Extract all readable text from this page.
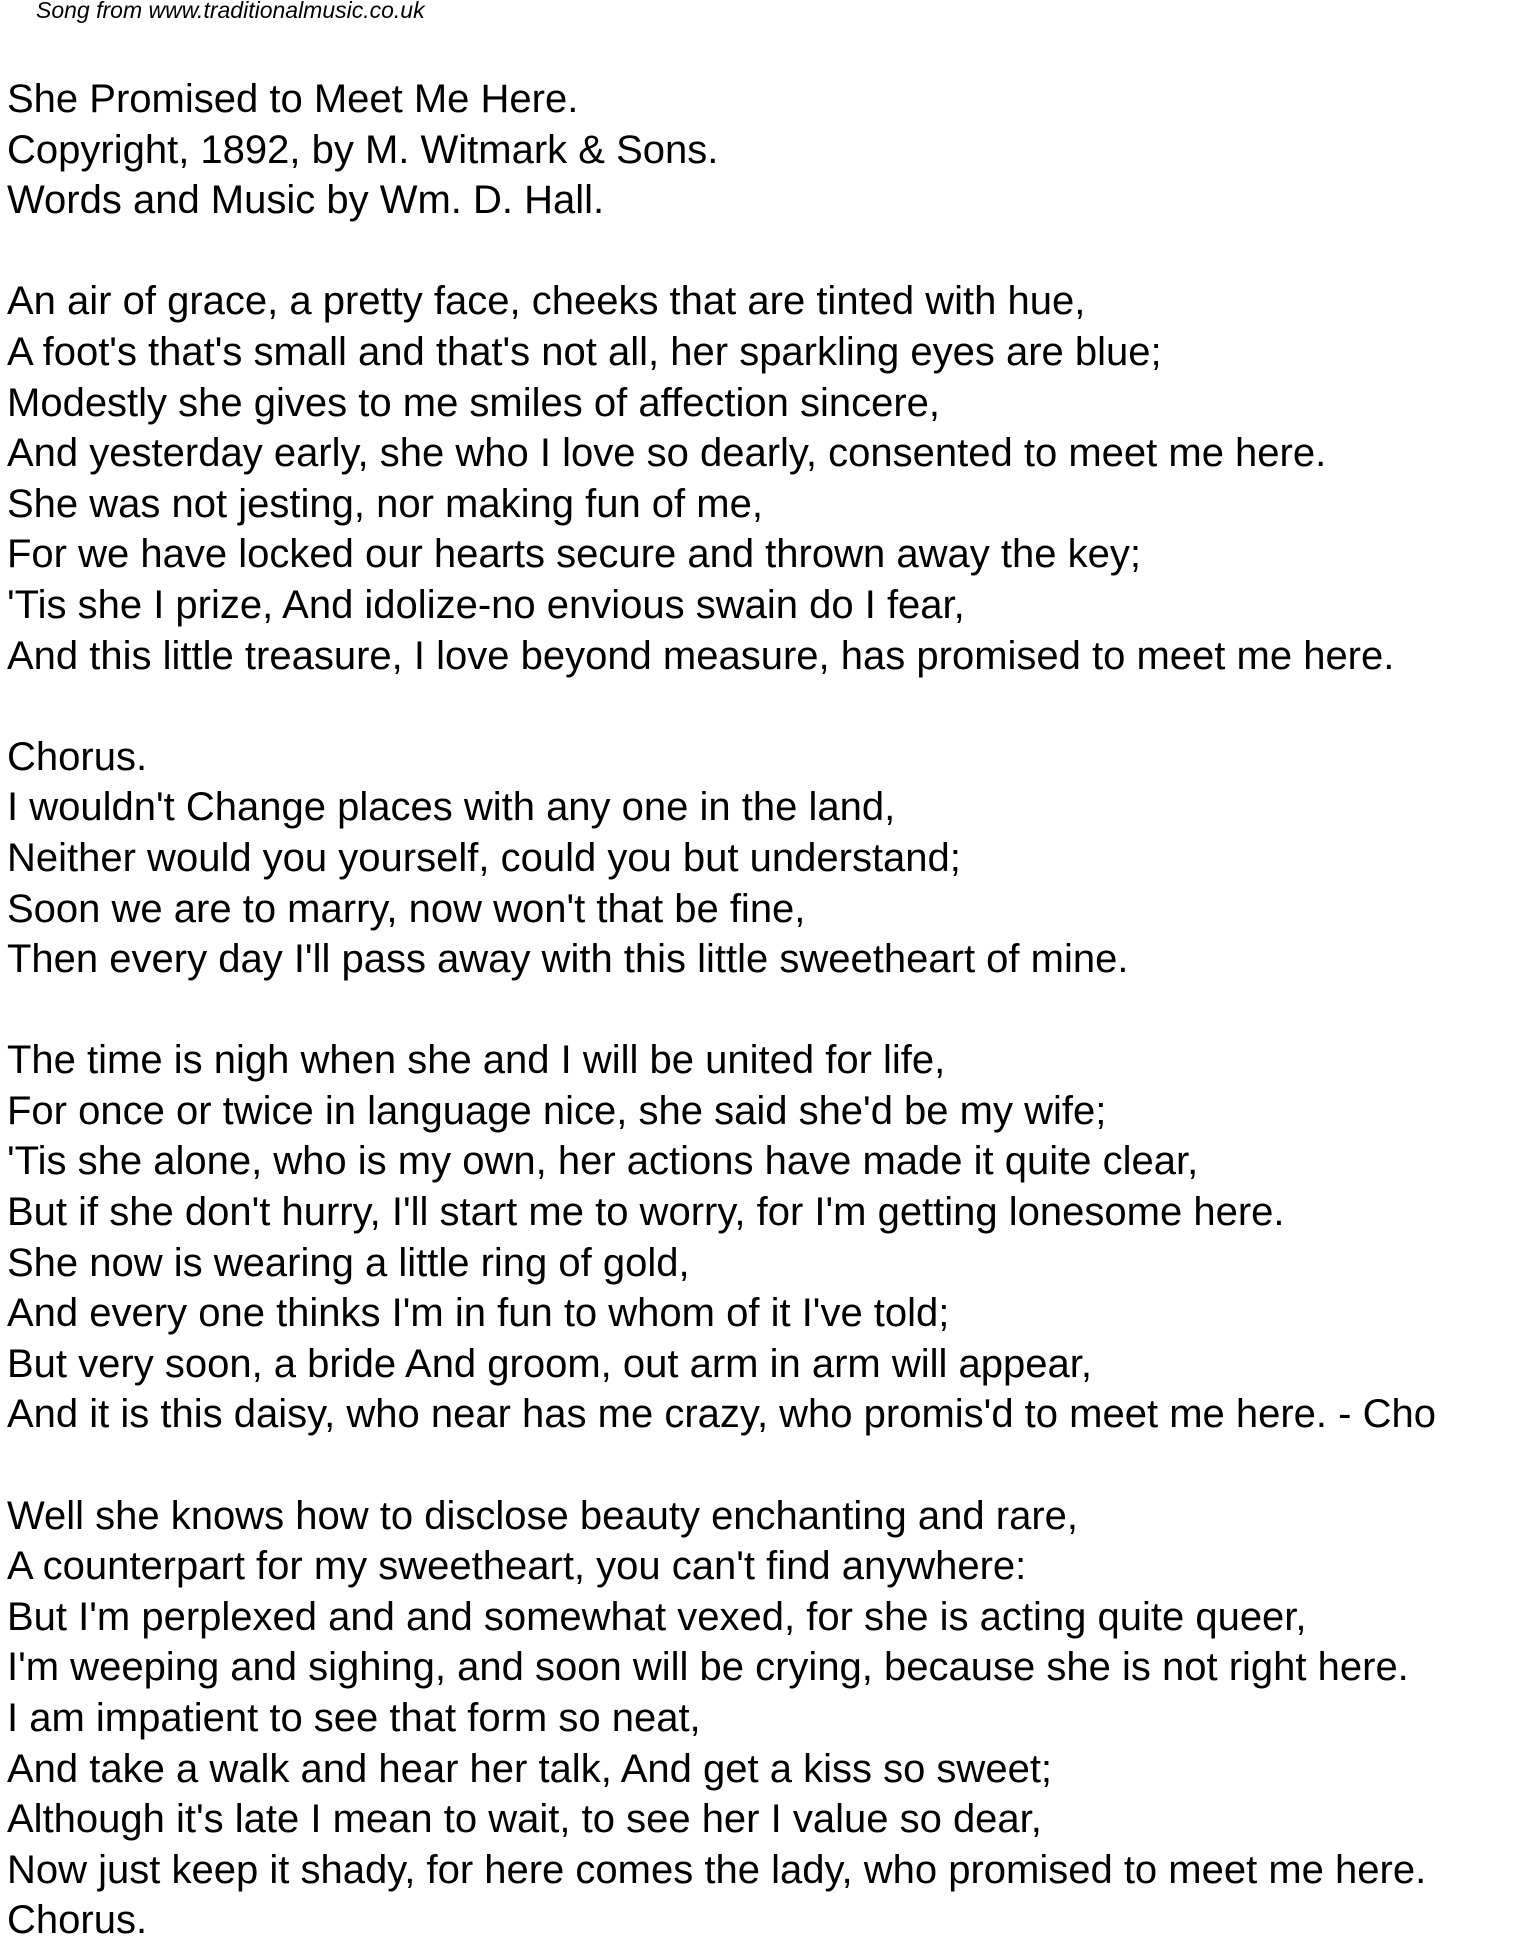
Song from www.traditionalmusic.co.uk

She Promised to Meet Me Here.

Copyright, 1892, by M. Witmark & Sons.

Words and Music by Wm. D. Hall.

An air of grace, a pretty face, cheeks that are tinted with hue,

A foot's that's small and that's not all, her sparkling eyes are blue;

Modestly she gives to me smiles of affection sincere,

And yesterday early, she who I love so dearly, consented to meet me here.

She was not jesting, nor making fun of me,

For we have locked our hearts secure and thrown away the key;

'Tis she I prize, And idolize-no envious swain do I fear,

And this little treasure, I love beyond measure, has promised to meet me here.

Chorus.

I wouldn't Change places with any one in the land,

Neither would you yourself, could you but understand;

Soon we are to marry, now won't that be fine,

Then every day I'll pass away with this little sweetheart of mine.

The time is nigh when she and I will be united for life,

For once or twice in language nice, she said she'd be my wife;

'Tis she alone, who is my own, her actions have made it quite clear,

But if she don't hurry, I'll start me to worry, for I'm getting lonesome here.

She now is wearing a little ring of gold,

And every one thinks I'm in fun to whom of it I've told;

But very soon, a bride And groom, out arm in arm will appear,

And it is this daisy, who near has me crazy, who promis'd to meet me here. - Cho

Well she knows how to disclose beauty enchanting and rare,

A counterpart for my sweetheart, you can't find anywhere:

But I'm perplexed and and somewhat vexed, for she is acting quite queer,

I'm weeping and sighing, and soon will be crying, because she is not right here.

I am impatient to see that form so neat,

And take a walk and hear her talk, And get a kiss so sweet;

Although it's late I mean to wait, to see her I value so dear,

Now just keep it shady, for here comes the lady, who promised to meet me here.

Chorus.
